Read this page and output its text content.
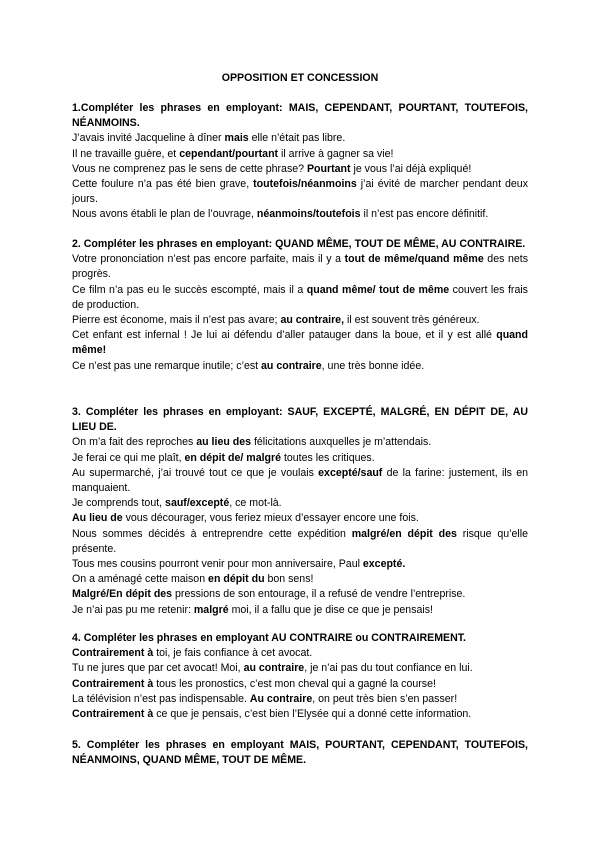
OPPOSITION ET CONCESSION
1.Compléter les phrases en employant: MAIS, CEPENDANT, POURTANT, TOUTEFOIS, NÉANMOINS.

J’avais invité Jacqueline à dîner mais elle n’était pas libre.

Il ne travaille guère, et cependant/pourtant il arrive à gagner sa vie!

Vous ne comprenez pas le sens de cette phrase? Pourtant je vous l’ai déjà expliqué!

Cette foulure n’a pas été bien grave, toutefois/néanmoins j’ai évité de marcher pendant deux jours.

Nous avons établi le plan de l’ouvrage, néanmoins/toutefois il n’est pas encore définitif.

2. Compléter les phrases en employant: QUAND MÊME, TOUT DE MÊME, AU CONTRAIRE.

Votre prononciation n’est pas encore parfaite, mais il y a tout de même/quand même des nets progrès.

Ce film n’a pas eu le succès escompté, mais il a quand même/ tout de même couvert les frais de production.

Pierre est économe, mais il n’est pas avare; au contraire, il est souvent très généreux.

Cet enfant est infernal ! Je lui ai défendu d’aller patauger dans la boue, et il y est allé quand même!

Ce n’est pas une remarque inutile; c’est au contraire, une très bonne idée.

3. Compléter les phrases en employant: SAUF, EXCEPTÉ, MALGRÉ, EN DÉPIT DE, AU LIEU DE.

On m’a fait des reproches au lieu des félicitations auxquelles je m’attendais.

Je ferai ce qui me plaît, en dépit de/ malgré toutes les critiques.

Au supermarché, j’ai trouvé tout ce que je voulais excepté/sauf de la farine: justement, ils en manquaient.

Je comprends tout, sauf/excepté, ce mot-là.

Au lieu de vous décourager, vous feriez mieux d’essayer encore une fois.

Nous sommes décidés à entreprendre cette expédition malgré/en dépit des risque qu’elle présente.

Tous mes cousins pourront venir pour mon anniversaire, Paul excepté.

On a aménagé cette maison en dépit du bon sens!

Malgré/En dépit des pressions de son entourage, il a refusé de vendre l’entreprise.

Je n’ai pas pu me retenir: malgré moi, il a fallu que je dise ce que je pensais!

4. Compléter les phrases en employant AU CONTRAIRE ou CONTRAIREMENT.

Contrairement à toi, je fais confiance à cet avocat.

Tu ne jures que par cet avocat! Moi, au contraire, je n’ai pas du tout confiance en lui.

Contrairement à tous les pronostics, c’est mon cheval qui a gagné la course!

La télévision n’est pas indispensable. Au contraire, on peut très bien s’en passer!

Contrairement à ce que je pensais, c’est bien l’Elysée qui a donné cette information.

5. Compléter les phrases en employant MAIS, POURTANT, CEPENDANT, TOUTEFOIS, NÉANMOINS, QUAND MÊME, TOUT DE MÊME.
